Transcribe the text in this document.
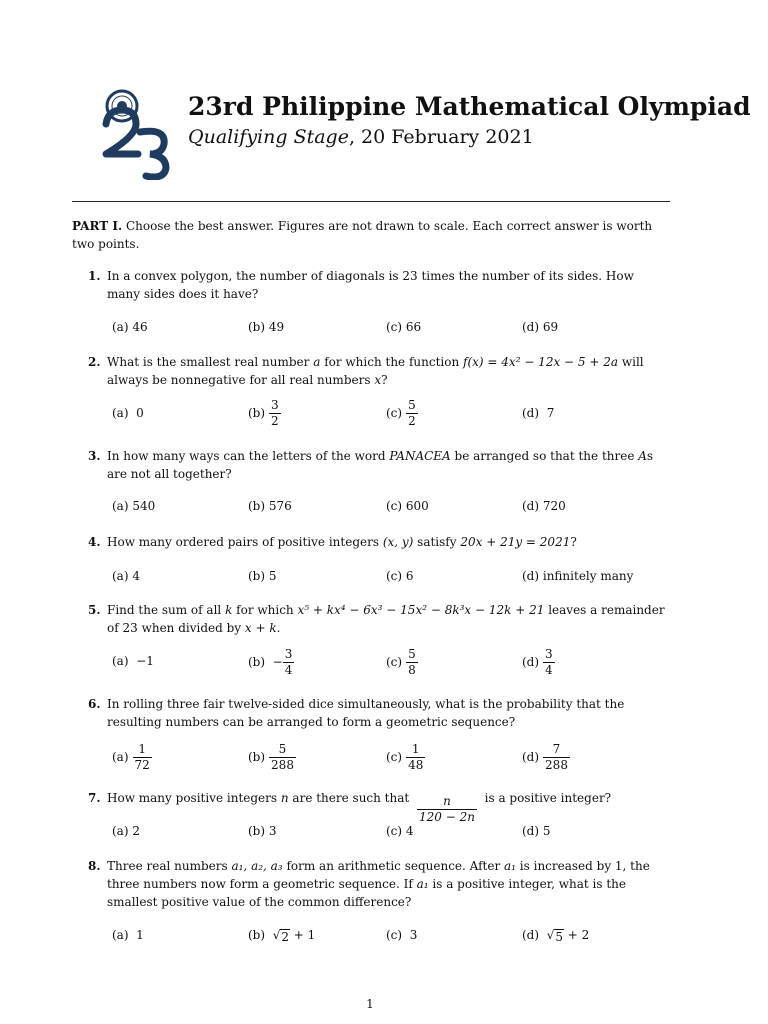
23rd Philippine Mathematical Olympiad
Qualifying Stage, 20 February 2021
PART I. Choose the best answer. Figures are not drawn to scale. Each correct answer is worth two points.
1. In a convex polygon, the number of diagonals is 23 times the number of its sides. How many sides does it have?
(a) 46	(b) 49	(c) 66	(d) 69
2. What is the smallest real number a for which the function f(x) = 4x² − 12x − 5 + 2a will always be nonnegative for all real numbers x?
(a) 0	$(b) \frac{3}{2}$	$(c) \frac{5}{2}$	(d) 7
3. In how many ways can the letters of the word PANACEA be arranged so that the three As are not all together?
(a) 540	(b) 576	(c) 600	(d) 720
4. How many ordered pairs of positive integers (x, y) satisfy 20x + 21y = 2021?
(a) 4	(b) 5	(c) 6	(d) infinitely many
5. Find the sum of all k for which x⁵ + kx⁴ − 6x³ − 15x² − 8k³x − 12k + 21 leaves a remainder of 23 when divided by x + k.
(a) −1	$(b) - \frac{3}{4}$	$(c) \frac{5}{8}$	$(d) \frac{3}{4}$
6. In rolling three fair twelve-sided dice simultaneously, what is the probability that the resulting numbers can be arranged to form a geometric sequence?
$(a) \frac{1}{72}$	$(b) \frac{5}{288}$	$(c) \frac{1}{48}$	$(d) \frac{7}{288}$
7. How many positive integers n are there such that $\frac{n}{120 - 2n}$ is a positive integer?
(a) 2	(b) 3	(c) 4	(d) 5
8. Three real numbers a₁, a₂, a₃ form an arithmetic sequence. After a₁ is increased by 1, the three numbers now form a geometric sequence. If a₁ is a positive integer, what is the smallest positive value of the common difference?
(a) 1	(b) √ 2 + 1	(c) 3	(d) √ 5 + 2
1
